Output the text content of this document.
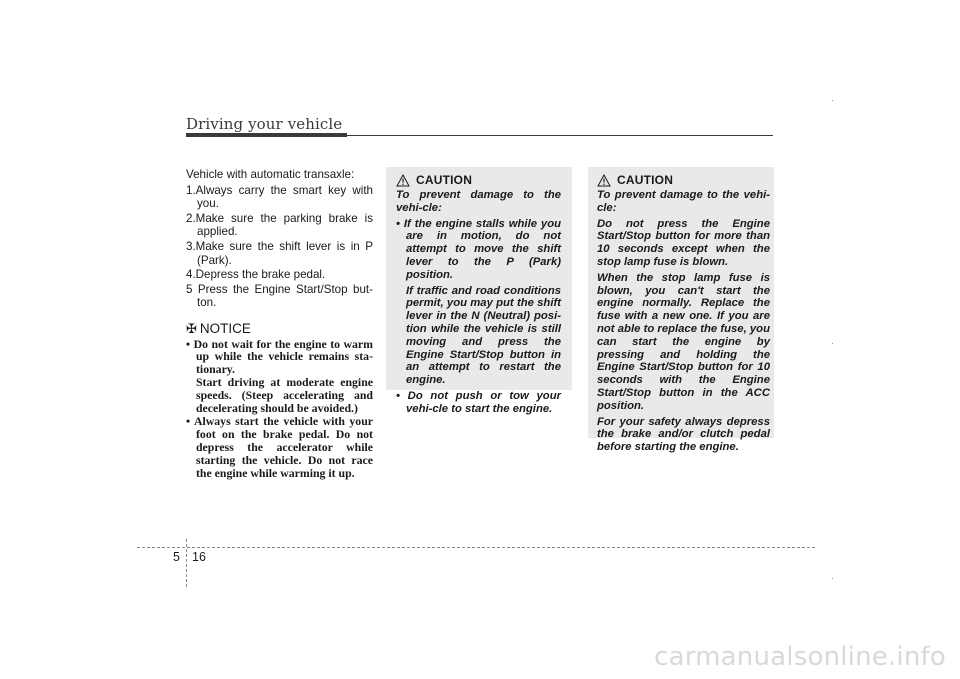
Driving your vehicle

Vehicle with automatic transaxle:

1.Always carry the smart key with you.
2.Make sure the parking brake is applied.
3.Make sure the shift lever is in P (Park).
4.Depress the brake pedal.
5 Press the Engine Start/Stop but-ton.
✠ NOTICE
• Do not wait for the engine to warm up while the vehicle remains sta-tionary.
Start driving at moderate engine speeds. (Steep accelerating and decelerating should be avoided.)
• Always start the vehicle with your foot on the brake pedal. Do not depress the accelerator while starting the vehicle. Do not race the engine while warming it up.
CAUTION

To prevent damage to the vehi-cle:

• If the engine stalls while you are in motion, do not attempt to move the shift lever to the P (Park) position.

If traffic and road conditions permit, you may put the shift lever in the N (Neutral) posi-tion while the vehicle is still moving and press the Engine Start/Stop button in an attempt to restart the engine.

• Do not push or tow your vehi-cle to start the engine.
CAUTION

To prevent damage to the vehi-cle:

Do not press the Engine Start/Stop button for more than 10 seconds except when the stop lamp fuse is blown.

When the stop lamp fuse is blown, you can't start the engine normally. Replace the fuse with a new one. If you are not able to replace the fuse, you can start the engine by pressing and holding the Engine Start/Stop button for 10 seconds with the Engine Start/Stop button in the ACC position.

For your safety always depress the brake and/or clutch pedal before starting the engine.

5 16
carmanualsonline.info
